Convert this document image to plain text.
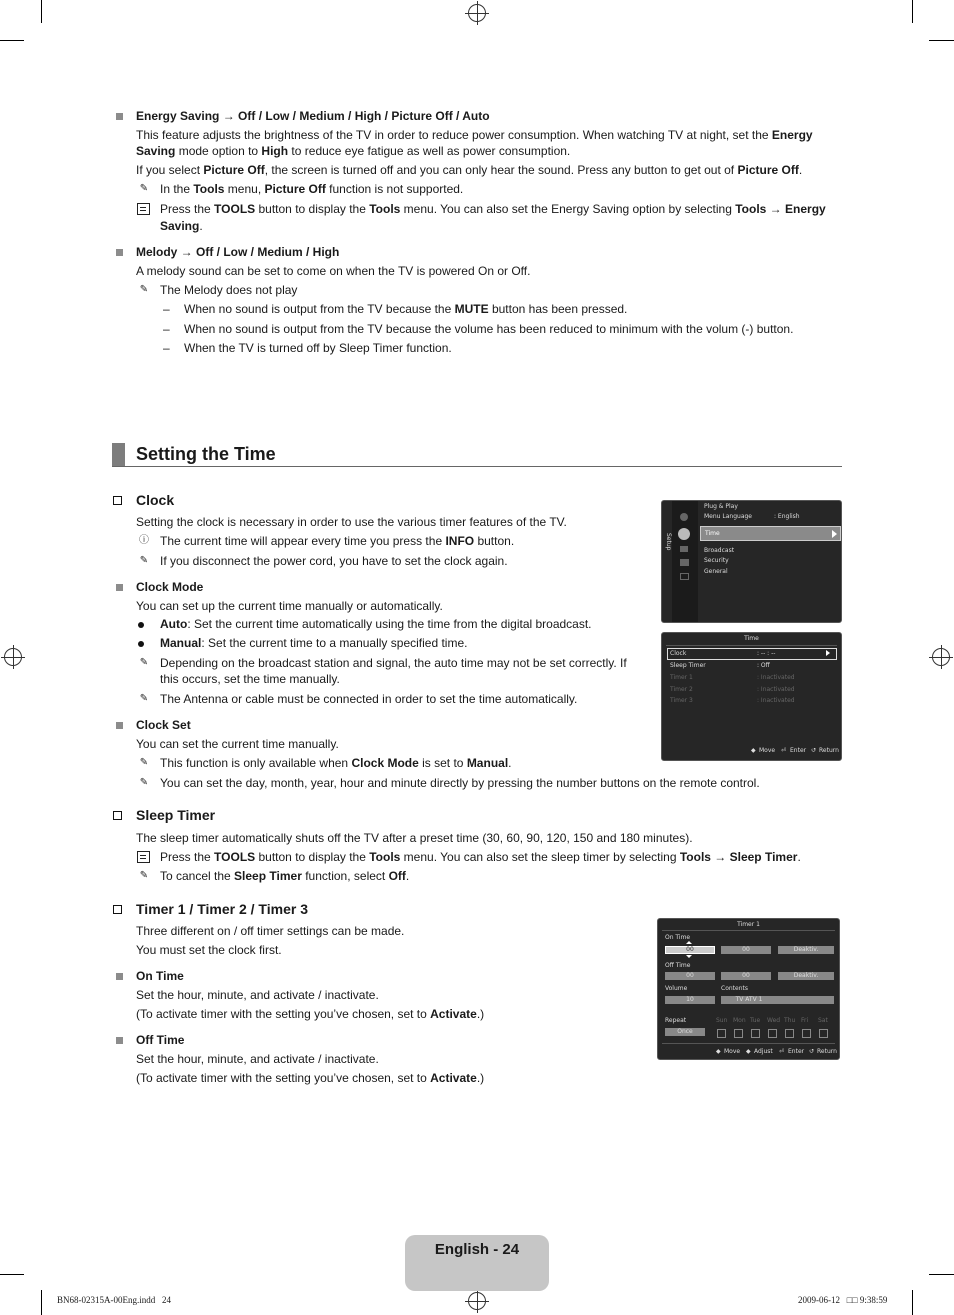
Energy Saving → Off / Low / Medium / High / Picture Off / Auto
This feature adjusts the brightness of the TV in order to reduce power consumption. When watching TV at night, set the Energy
Saving mode option to High to reduce eye fatigue as well as power consumption.
If you select Picture Off, the screen is turned off and you can only hear the sound. Press any button to get out of Picture Off.
✎ In the Tools menu, Picture Off function is not supported.
Press the TOOLS button to display the Tools menu. You can also set the Energy Saving option by selecting Tools → Energy
Saving.
Melody → Off / Low / Medium / High
A melody sound can be set to come on when the TV is powered On or Off.
✎ The Melody does not play
– When no sound is output from the TV because the MUTE button has been pressed.
– When no sound is output from the TV because the volume has been reduced to minimum with the volum (-) button.
– When the TV is turned off by Sleep Timer function.
Setting the Time
Clock
Setting the clock is necessary in order to use the various timer features of the TV.
ⓘ The current time will appear every time you press the INFO button.
✎ If you disconnect the power cord, you have to set the clock again.
Clock Mode
You can set up the current time manually or automatically.
Auto: Set the current time automatically using the time from the digital broadcast.
Manual: Set the current time to a manually specified time.
✎ Depending on the broadcast station and signal, the auto time may not be set correctly. If
this occurs, set the time manually.
✎ The Antenna or cable must be connected in order to set the time automatically.
Clock Set
You can set the current time manually.
✎ This function is only available when Clock Mode is set to Manual.
✎ You can set the day, month, year, hour and minute directly by pressing the number buttons on the remote control.
Sleep Timer
The sleep timer automatically shuts off the TV after a preset time (30, 60, 90, 120, 150 and 180 minutes).
Press the TOOLS button to display the Tools menu. You can also set the sleep timer by selecting Tools → Sleep Timer.
✎ To cancel the Sleep Timer function, select Off.
Timer 1 / Timer 2 / Timer 3
Three different on / off timer settings can be made.
You must set the clock first.
On Time
Set the hour, minute, and activate / inactivate.
(To activate timer with the setting you’ve chosen, set to Activate.)
Off Time
Set the hour, minute, and activate / inactivate.
(To activate timer with the setting you’ve chosen, set to Activate.)
Setup
Plug & Play
Menu Language	: English
Time
Broadcast
Security
General
Time
Clock	: -- : --
Sleep Timer	: Off
Timer 1	: Inactivated
Timer 2	: Inactivated
Timer 3	: Inactivated
◆ Move ⏎ Enter ↺ Return
Timer 1
On Time
00	00	Deaktiv.
Off Time
00	00	Deaktiv.
Volume	Contents
10	TV ATV 1
Repeat
Once
Sun Mon Tue Wed Thu Fri Sat
◆ Move ◆ Adjust ⏎ Enter ↺ Return
English - 24
BN68-02315A-00Eng.indd   24	2009-06-12   □□ 9:38:59
